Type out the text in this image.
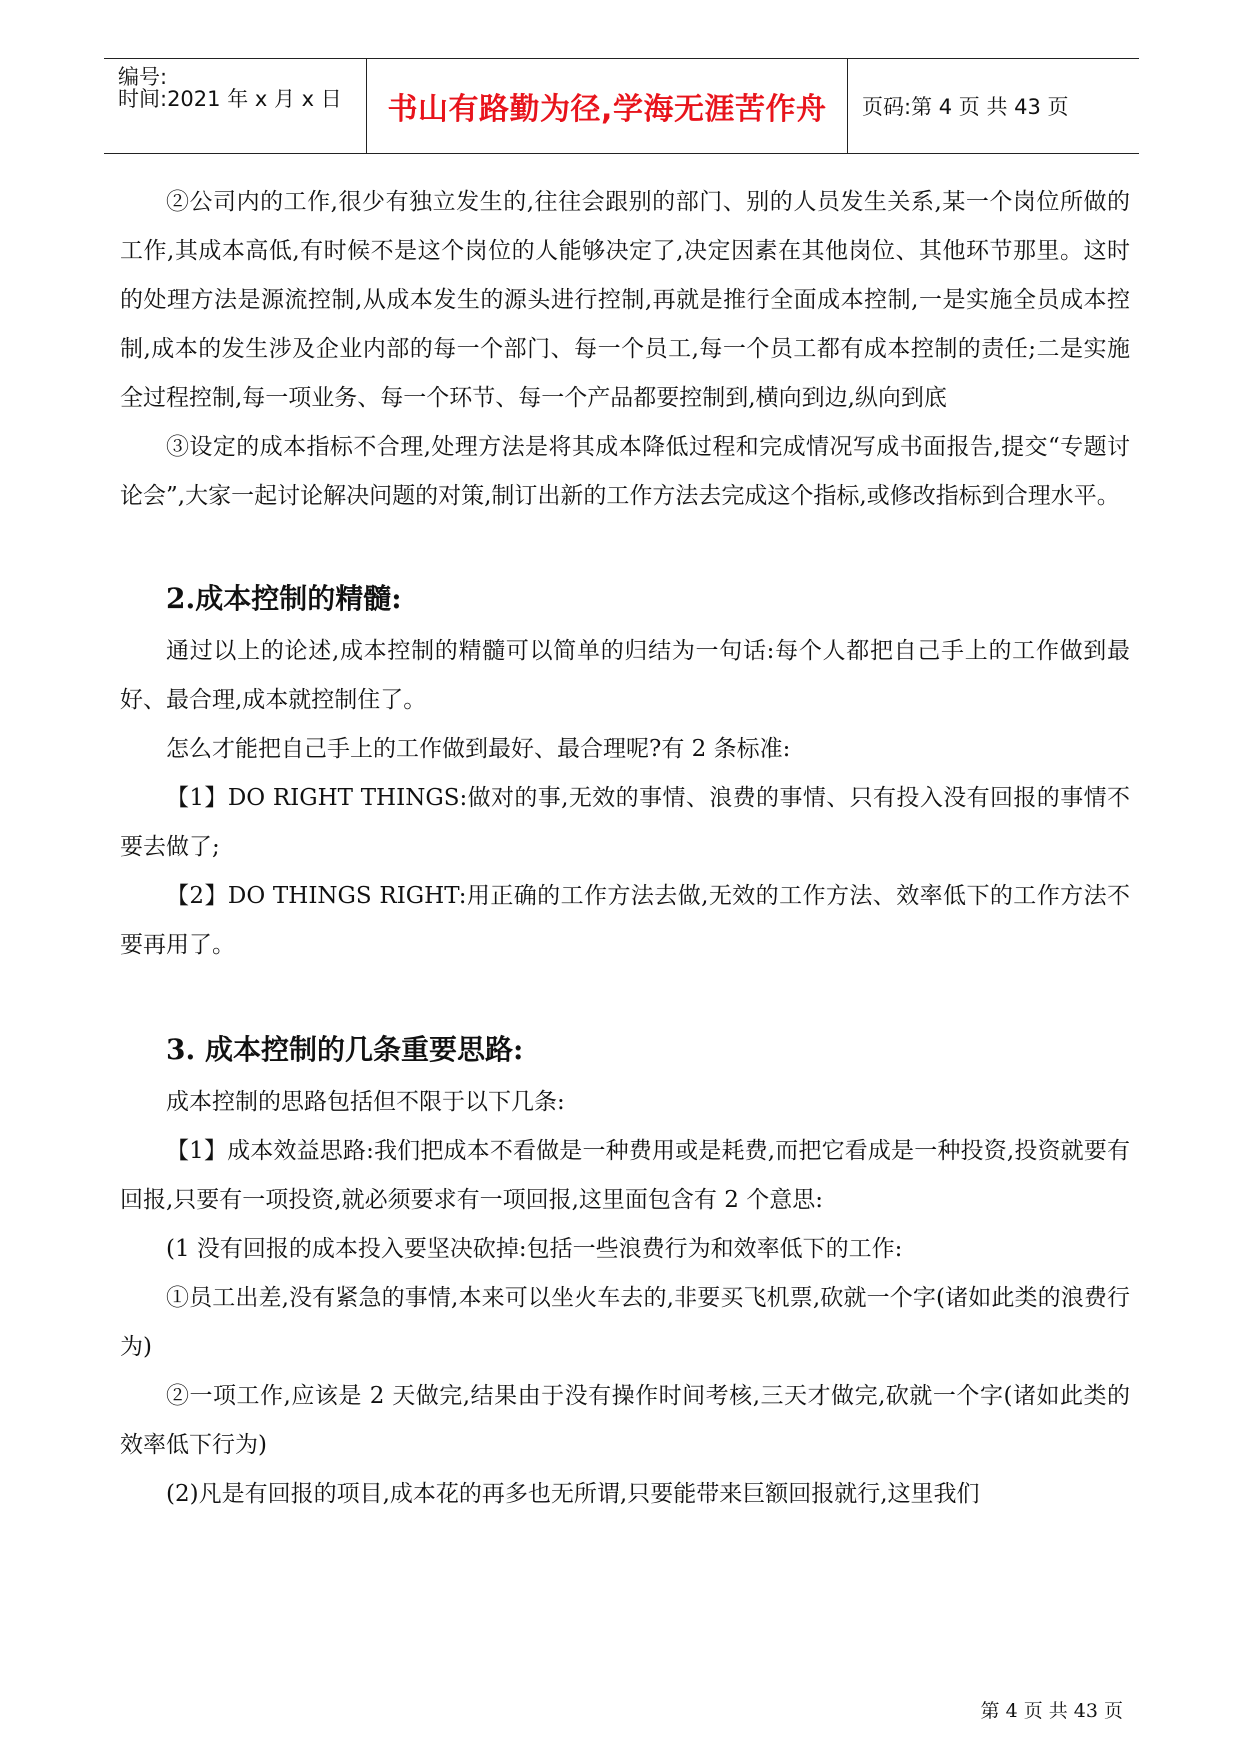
编号:
时间:2021 年 x 月 x 日 书山有路勤为径,学海无涯苦作舟 页码:第 4 页 共 43 页

②公司内的工作,很少有独立发生的,往往会跟别的部门、别的人员发生关系,某一个岗位所做的工作,其成本高低,有时候不是这个岗位的人能够决定了,决定因素在其他岗位、其他环节那里。这时的处理方法是源流控制,从成本发生的源头进行控制,再就是推行全面成本控制,一是实施全员成本控制,成本的发生涉及企业内部的每一个部门、每一个员工,每一个员工都有成本控制的责任;二是实施全过程控制,每一项业务、每一个环节、每一个产品都要控制到,横向到边,纵向到底

③设定的成本指标不合理,处理方法是将其成本降低过程和完成情况写成书面报告,提交“专题讨论会”,大家一起讨论解决问题的对策,制订出新的工作方法去完成这个指标,或修改指标到合理水平。

2.成本控制的精髓:

通过以上的论述,成本控制的精髓可以简单的归结为一句话:每个人都把自己手上的工作做到最好、最合理,成本就控制住了。

怎么才能把自己手上的工作做到最好、最合理呢?有 2 条标准:

【1】DO RIGHT THINGS:做对的事,无效的事情、浪费的事情、只有投入没有回报的事情不要去做了;

【2】DO THINGS RIGHT:用正确的工作方法去做,无效的工作方法、效率低下的工作方法不要再用了。

3. 成本控制的几条重要思路:

成本控制的思路包括但不限于以下几条:

【1】成本效益思路:我们把成本不看做是一种费用或是耗费,而把它看成是一种投资,投资就要有回报,只要有一项投资,就必须要求有一项回报,这里面包含有 2 个意思:

(1 没有回报的成本投入要坚决砍掉:包括一些浪费行为和效率低下的工作:

①员工出差,没有紧急的事情,本来可以坐火车去的,非要买飞机票,砍就一个字(诸如此类的浪费行为)

②一项工作,应该是 2 天做完,结果由于没有操作时间考核,三天才做完,砍就一个字(诸如此类的效率低下行为)

(2)凡是有回报的项目,成本花的再多也无所谓,只要能带来巨额回报就行,这里我们

第 4 页 共 43 页
